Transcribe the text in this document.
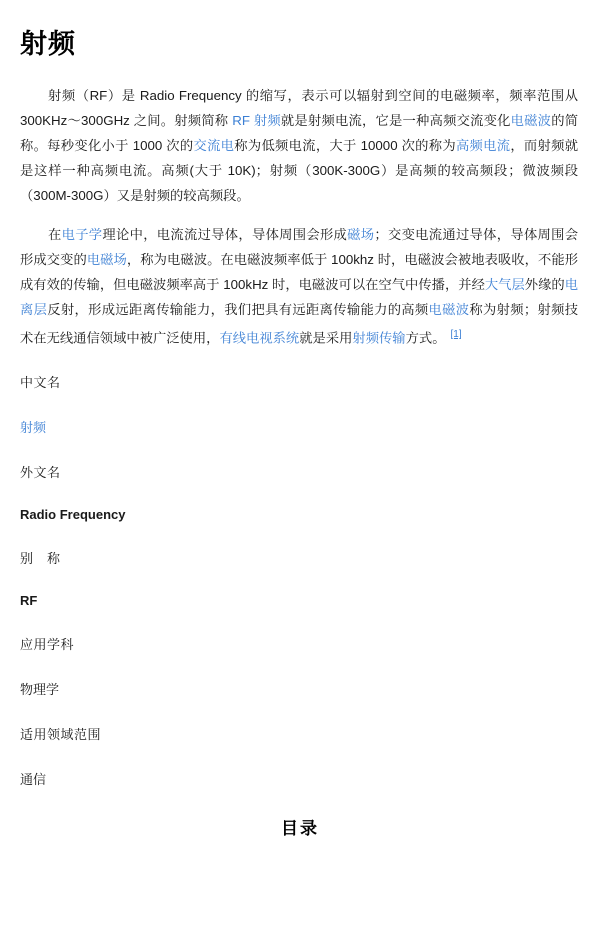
射频

射频（RF）是 Radio Frequency 的缩写，表示可以辐射到空间的电磁频率，频率范围从 300KHz～300GHz 之间。射频简称 RF 射频就是射频电流，它是一种高频交流变化电磁波的简称。每秒变化小于 1000 次的交流电称为低频电流，大于 10000 次的称为高频电流，而射频就是这样一种高频电流。高频(大于 10K)；射频（300K-300G）是高频的较高频段；微波频段（300M-300G）又是射频的较高频段。

在电子学理论中，电流流过导体，导体周围会形成磁场；交变电流通过导体，导体周围会形成交变的电磁场，称为电磁波。在电磁波频率低于 100khz 时，电磁波会被地表吸收，不能形成有效的传输，但电磁波频率高于 100kHz 时，电磁波可以在空气中传播，并经大气层外缘的电离层反射，形成远距离传输能力，我们把具有远距离传输能力的高频电磁波称为射频；射频技术在无线通信领域中被广泛使用，有线电视系统就是采用射频传输方式。 [1]

中文名
射频
外文名
Radio Frequency
别　称
RF
应用学科
物理学
适用领域范围
通信
目录
